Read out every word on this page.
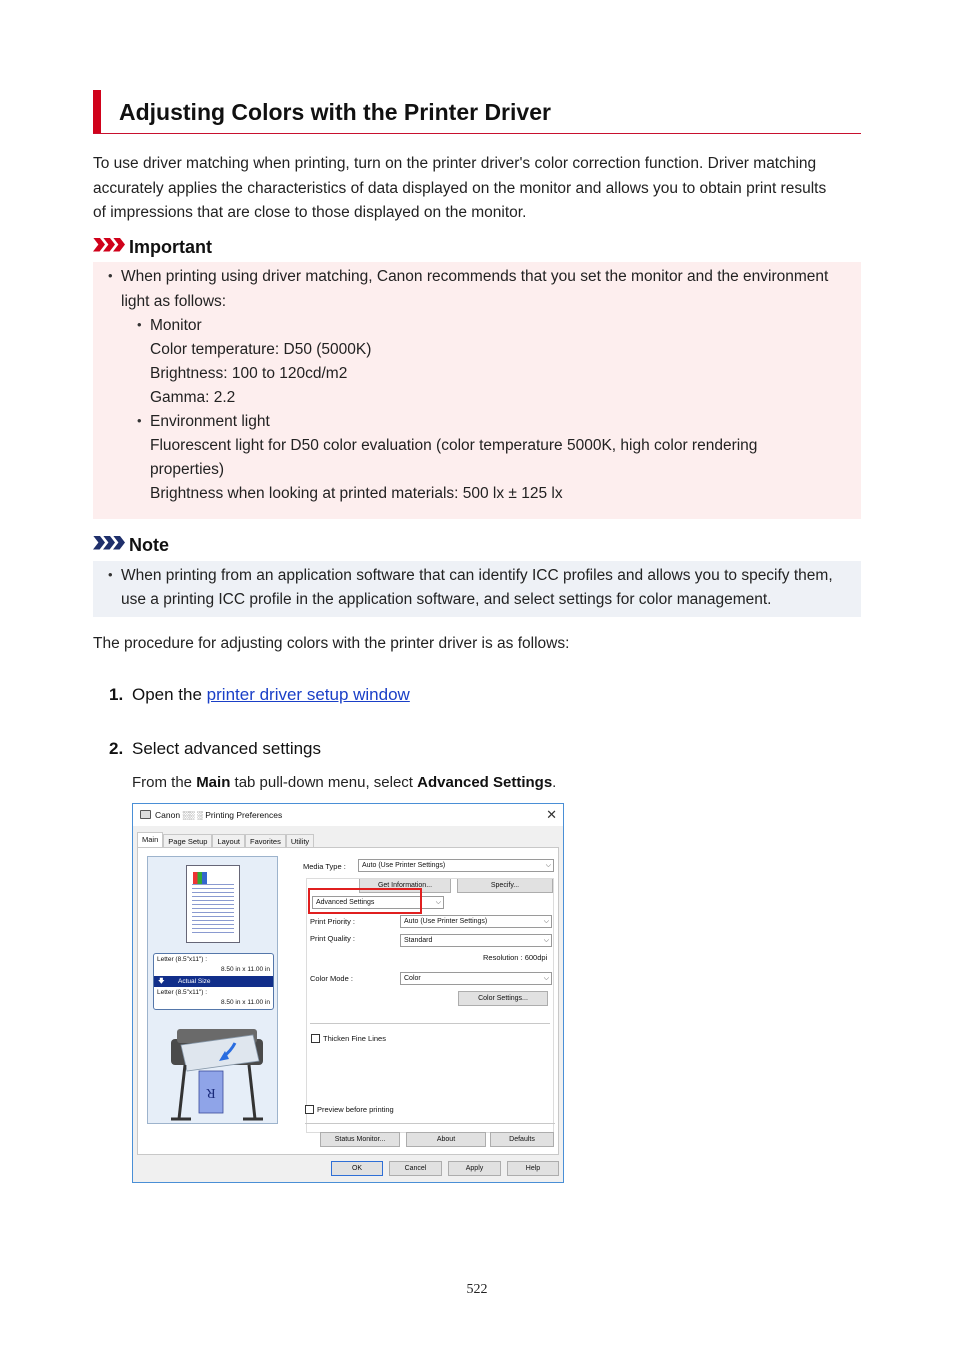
Adjusting Colors with the Printer Driver
To use driver matching when printing, turn on the printer driver's color correction function. Driver matching
accurately applies the characteristics of data displayed on the monitor and allows you to obtain print results
of impressions that are close to those displayed on the monitor.
Important
• When printing using driver matching, Canon recommends that you set the monitor and the environment
light as follows:
• Monitor
Color temperature: D50 (5000K)
Brightness: 100 to 120cd/m2
Gamma: 2.2
• Environment light
Fluorescent light for D50 color evaluation (color temperature 5000K, high color rendering
properties)
Brightness when looking at printed materials: 500 lx ± 125 lx
Note
• When printing from an application software that can identify ICC profiles and allows you to specify them,
use a printing ICC profile in the application software, and select settings for color management.
The procedure for adjusting colors with the printer driver is as follows:
1. Open the printer driver setup window
2. Select advanced settings
From the Main tab pull-down menu, select Advanced Settings.
Canon ░░ ░ Printing Preferences	✕
Main	Page Setup	Layout	Favorites	Utility
Letter (8.5"x11") :
8.50 in x 11.00 in
🡇 Actual Size
Letter (8.5"x11") :
8.50 in x 11.00 in
R
Media Type :	Auto (Use Printer Settings)	⌵
Get Information...	Specify...
Advanced Settings	⌵
Print Priority :	Auto (Use Printer Settings)	⌵
Print Quality :	Standard	⌵
Resolution : 600dpi
Color Mode :	Color	⌵
Color Settings...
Thicken Fine Lines
Preview before printing
Status Monitor...	About	Defaults
OK	Cancel	Apply	Help
522
